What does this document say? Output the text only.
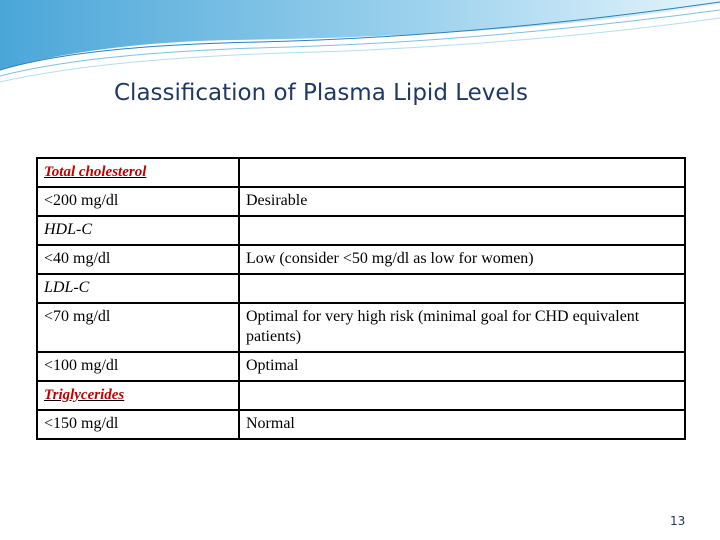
Classification of Plasma Lipid Levels
Total cholesterol	
<200 mg/dl	Desirable
HDL-C	
<40 mg/dl	Low (consider <50 mg/dl as low for women)
LDL-C	
<70 mg/dl	Optimal for very high risk (minimal goal for CHD equivalent patients)
<100 mg/dl	Optimal
Triglycerides	
<150 mg/dl	Normal
13
